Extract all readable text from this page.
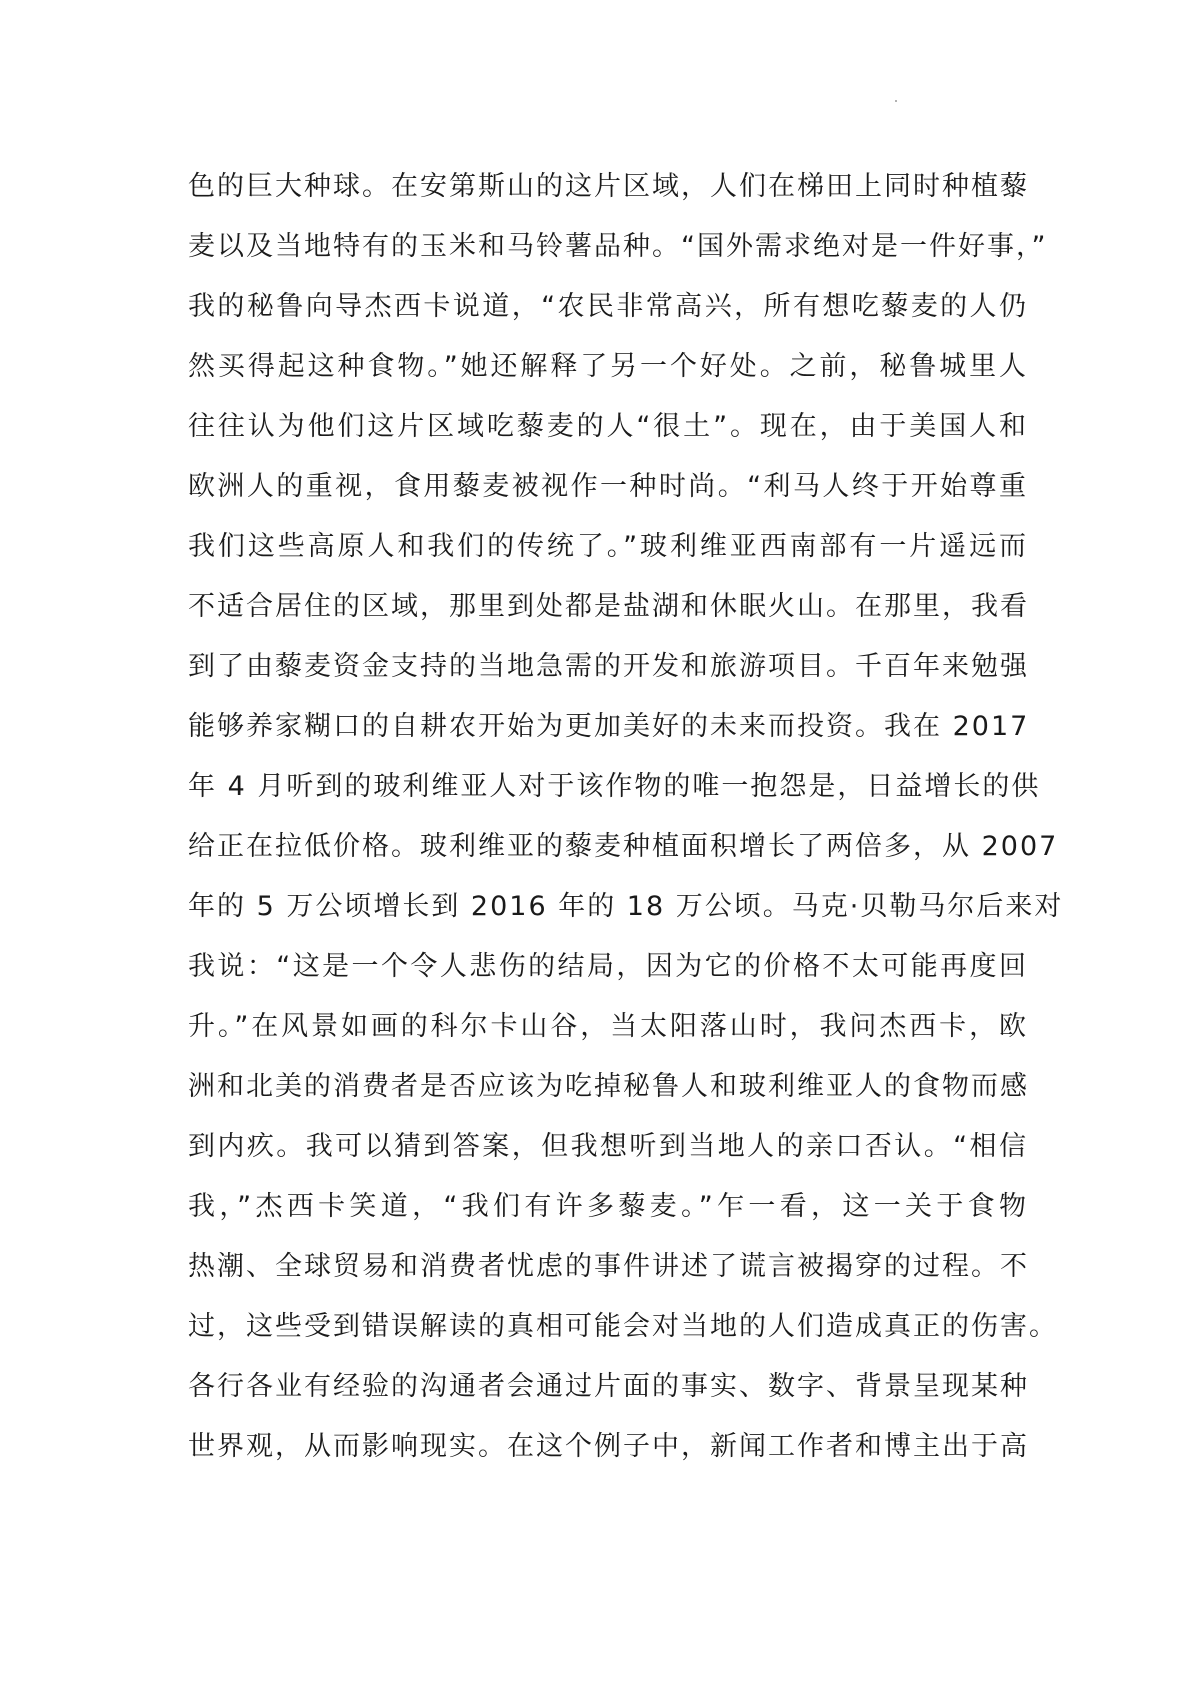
色的巨大种球。在安第斯山的这片区域，人们在梯田上同时种植藜
麦以及当地特有的玉米和马铃薯品种。“国外需求绝对是一件好事，”
我的秘鲁向导杰西卡说道，“农民非常高兴，所有想吃藜麦的人仍
然买得起这种食物。”她还解释了另一个好处。之前，秘鲁城里人
往往认为他们这片区域吃藜麦的人“很土”。现在，由于美国人和
欧洲人的重视，食用藜麦被视作一种时尚。“利马人终于开始尊重
我们这些高原人和我们的传统了。”玻利维亚西南部有一片遥远而
不适合居住的区域，那里到处都是盐湖和休眠火山。在那里，我看
到了由藜麦资金支持的当地急需的开发和旅游项目。千百年来勉强
能够养家糊口的自耕农开始为更加美好的未来而投资。我在 2017
年 4 月听到的玻利维亚人对于该作物的唯一抱怨是，日益增长的供
给正在拉低价格。玻利维亚的藜麦种植面积增长了两倍多，从 2007
年的 5 万公顷增长到 2016 年的 18 万公顷。马克·贝勒马尔后来对
我说：“这是一个令人悲伤的结局，因为它的价格不太可能再度回
升。”在风景如画的科尔卡山谷，当太阳落山时，我问杰西卡，欧
洲和北美的消费者是否应该为吃掉秘鲁人和玻利维亚人的食物而感
到内疚。我可以猜到答案，但我想听到当地人的亲口否认。“相信
我，”杰西卡笑道，“我们有许多藜麦。”乍一看，这一关于食物
热潮、全球贸易和消费者忧虑的事件讲述了谎言被揭穿的过程。不
过，这些受到错误解读的真相可能会对当地的人们造成真正的伤害。
各行各业有经验的沟通者会通过片面的事实、数字、背景呈现某种
世界观，从而影响现实。在这个例子中，新闻工作者和博主出于高
